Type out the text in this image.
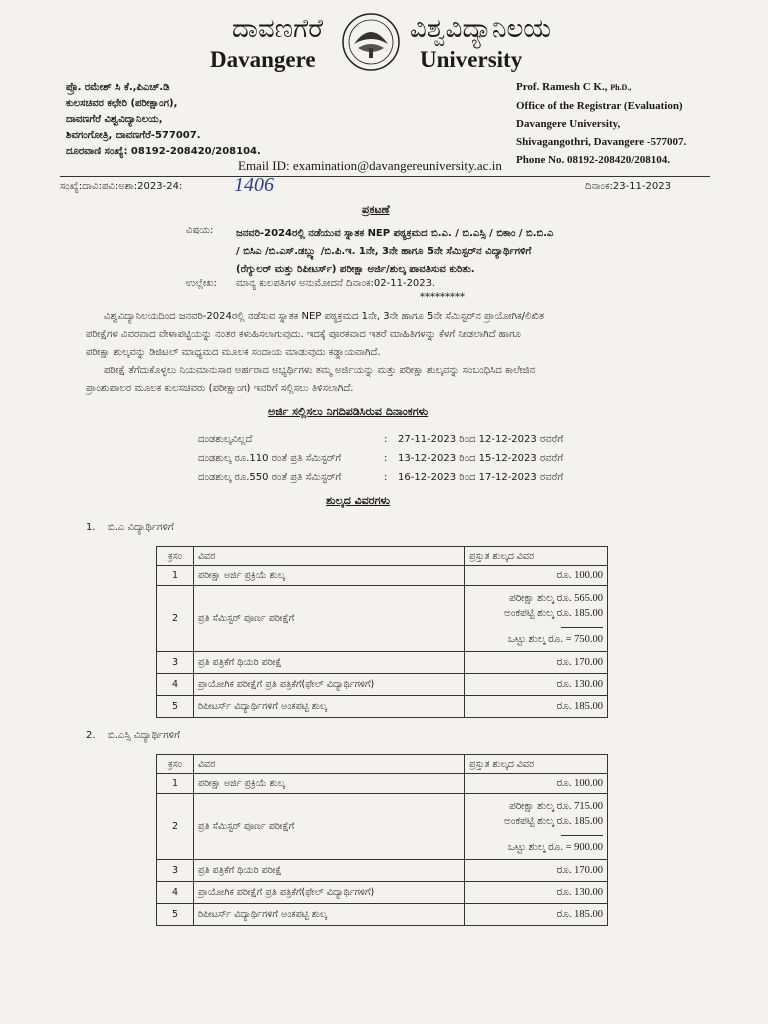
ದಾವಣಗೆರೆ	ವಿಶ್ವವಿದ್ಯಾನಿಲಯ
Davangere	University
ಪ್ರೊ. ರಮೇಶ್ ಸಿ ಕೆ.,ಪಿಎಚ್.ಡಿ
ಕುಲಸಚಿವರ ಕಛೇರಿ (ಪರೀಕ್ಷಾಂಗ),
ದಾವಣಗೆರೆ ವಿಶ್ವವಿದ್ಯಾನಿಲಯ,
ಶಿವಗಂಗೋತ್ರಿ, ದಾವಣಗೆರೆ-577007.
ದೂರವಾಣಿ ಸಂಖ್ಯೆ: 08192-208420/208104.
Prof. Ramesh C K., Ph.D.,
Office of the Registrar (Evaluation)
Davangere University,
Shivagangothri, Davangere -577007.
Phone No. 08192-208420/208104.
Email ID: examination@davangereuniversity.ac.in
ಸಂಖ್ಯೆ:ದಾವಿ:ಪವಿ:ಅಶಾ:2023-24:	1406	ದಿನಾಂಕ:23-11-2023
ಪ್ರಕಟಣೆ
ವಿಷಯ: ಜನವರಿ-2024ರಲ್ಲಿ ನಡೆಯುವ ಸ್ನಾತಕ NEP ಪಠ್ಯಕ್ರಮದ ಬಿ.ಎ. / ಬಿ.ಎಸ್ಸಿ / ಬಿಕಾಂ / ಬಿ.ಬಿ.ಎ
/ ಬಿಸಿಎ /ಬಿ.ಎಸ್.ಡಬ್ಲ್ಯು /ಬಿ.ಪಿ.ಇ. 1ನೇ, 3ನೇ ಹಾಗೂ 5ನೇ ಸೆಮಿಸ್ಟರ್‌ನ ವಿದ್ಯಾರ್ಥಿಗಳಿಗೆ
(ರೆಗ್ಯುಲರ್ ಮತ್ತು ರಿಪೀಟರ್ಸ್) ಪರೀಕ್ಷಾ ಅರ್ಜಿ/ಶುಲ್ಕ ಪಾವತಿಸುವ ಕುರಿತು.
ಉಲ್ಲೇಖ: ಮಾನ್ಯ ಕುಲಪತಿಗಳ ಅನುಮೋದನೆ ದಿನಾಂಕ:02-11-2023.
*********
ವಿಶ್ವವಿದ್ಯಾನಿಲಯದಿಂದ ಜನವರಿ-2024ರಲ್ಲಿ ನಡೆಸುವ ಸ್ನಾತಕ NEP ಪಠ್ಯಕ್ರಮದ 1ನೇ, 3ನೇ ಹಾಗೂ 5ನೇ ಸೆಮಿಸ್ಟರ್‌ನ ಪ್ರಾಯೋಗಿಕ/ಲಿಖಿತ
ಪರೀಕ್ಷೆಗಳ ವಿವರವಾದ ವೇಳಾಪಟ್ಟಿಯನ್ನು ನಂತರ ಕಳುಹಿಸಲಾಗುವುದು. ಇದಕ್ಕೆ ಪೂರಕವಾದ ಇತರೆ ಮಾಹಿತಿಗಳನ್ನು ಕೆಳಗೆ ನೀಡಲಾಗಿದೆ ಹಾಗೂ
ಪರೀಕ್ಷಾ ಶುಲ್ಕವನ್ನು ಡಿಜಿಟಲ್ ಮಾಧ್ಯಮದ ಮೂಲಕ ಸಂದಾಯ ಮಾಡುವುದು ಕಡ್ಡಾಯವಾಗಿದೆ.
ಪರೀಕ್ಷೆ ತೆಗೆದುಕೊಳ್ಳಲು ನಿಯಮಾನುಸಾರ ಅರ್ಹರಾದ ಅಭ್ಯರ್ಥಿಗಳು ತಮ್ಮ ಅರ್ಜಿಯನ್ನು ಮತ್ತು ಪರೀಕ್ಷಾ ಶುಲ್ಕವನ್ನು ಸಂಬಂಧಿಸಿದ ಕಾಲೇಜಿನ
ಪ್ರಾಂಶುಪಾಲರ ಮೂಲಕ ಕುಲಸಚಿವರು (ಪರೀಕ್ಷಾಂಗ) ಇವರಿಗೆ ಸಲ್ಲಿಸಲು ತಿಳಿಸಲಾಗಿದೆ.
ಅರ್ಜಿ ಸಲ್ಲಿಸಲು ನಿಗದಿಪಡಿಸಿರುವ ದಿನಾಂಕಗಳು
ದಂಡಶುಲ್ಕವಿಲ್ಲದೆ	:	27-11-2023 ರಿಂದ 12-12-2023 ರವರೆಗೆ
ದಂಡಶುಲ್ಕ ರೂ.110 ರಂತೆ ಪ್ರತಿ ಸೆಮಿಸ್ಟರ್‌ಗೆ	:	13-12-2023 ರಿಂದ 15-12-2023 ರವರೆಗೆ
ದಂಡಶುಲ್ಕ ರೂ.550 ರಂತೆ ಪ್ರತಿ ಸೆಮಿಸ್ಟರ್‌ಗೆ	:	16-12-2023 ರಿಂದ 17-12-2023 ರವರೆಗೆ
ಶುಲ್ಕದ ವಿವರಗಳು
1. ಬಿ.ಎ ವಿದ್ಯಾರ್ಥಿಗಳಿಗೆ
ಕ್ರಸಂ	ವಿವರ	ಪ್ರಸ್ತುತ ಶುಲ್ಕದ ವಿವರ
1	ಪರೀಕ್ಷಾ ಅರ್ಜಿ ಪ್ರಕ್ರಿಯೆ ಶುಲ್ಕ	ರೂ. 100.00
2	ಪ್ರತಿ ಸೆಮಿಸ್ಟರ್ ಪೂರ್ಣ ಪರೀಕ್ಷೆಗೆ	ಪರೀಕ್ಷಾ ಶುಲ್ಕ ರೂ. 565.00
ಅಂಕಪಟ್ಟಿ ಶುಲ್ಕ ರೂ. 185.00
ಒಟ್ಟು ಶುಲ್ಕ ರೂ. = 750.00

3	ಪ್ರತಿ ಪತ್ರಿಕೆಗೆ ಥಿಯರಿ ಪರೀಕ್ಷೆ	ರೂ. 170.00
4	ಪ್ರಾಯೋಗಿಕ ಪರೀಕ್ಷೆಗೆ ಪ್ರತಿ ಪತ್ರಿಕೆಗೆ(ಫೇಲ್ ವಿದ್ಯಾರ್ಥಿಗಳಿಗೆ)	ರೂ. 130.00
5	ರಿಪೀಟರ್ಸ್ ವಿದ್ಯಾರ್ಥಿಗಳಿಗೆ ಅಂಕಪಟ್ಟಿ ಶುಲ್ಕ	ರೂ. 185.00
2. ಬಿ.ಎಸ್ಸಿ ವಿದ್ಯಾರ್ಥಿಗಳಿಗೆ
ಕ್ರಸಂ	ವಿವರ	ಪ್ರಸ್ತುತ ಶುಲ್ಕದ ವಿವರ
1	ಪರೀಕ್ಷಾ ಅರ್ಜಿ ಪ್ರಕ್ರಿಯೆ ಶುಲ್ಕ	ರೂ. 100.00
2	ಪ್ರತಿ ಸೆಮಿಸ್ಟರ್ ಪೂರ್ಣ ಪರೀಕ್ಷೆಗೆ	ಪರೀಕ್ಷಾ ಶುಲ್ಕ ರೂ. 715.00
ಅಂಕಪಟ್ಟಿ ಶುಲ್ಕ ರೂ. 185.00
ಒಟ್ಟು ಶುಲ್ಕ ರೂ. = 900.00

3	ಪ್ರತಿ ಪತ್ರಿಕೆಗೆ ಥಿಯರಿ ಪರೀಕ್ಷೆ	ರೂ. 170.00
4	ಪ್ರಾಯೋಗಿಕ ಪರೀಕ್ಷೆಗೆ ಪ್ರತಿ ಪತ್ರಿಕೆಗೆ(ಫೇಲ್ ವಿದ್ಯಾರ್ಥಿಗಳಿಗೆ)	ರೂ. 130.00
5	ರಿಪೀಟರ್ಸ್ ವಿದ್ಯಾರ್ಥಿಗಳಿಗೆ ಅಂಕಪಟ್ಟಿ ಶುಲ್ಕ	ರೂ. 185.00
